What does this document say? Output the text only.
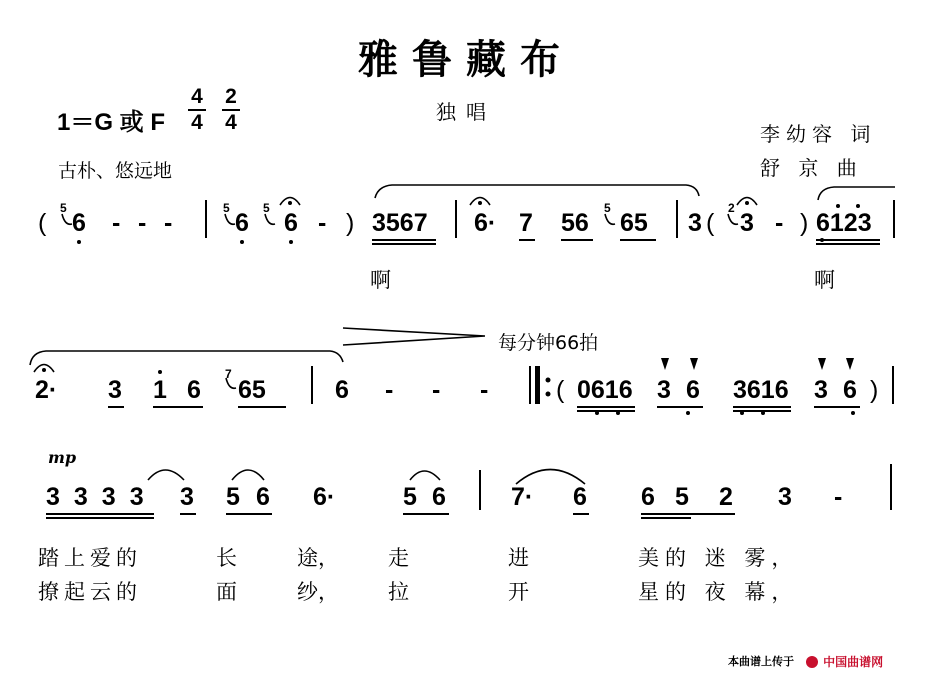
雅鲁藏布
1＝G 或 F
4
4
2
4	独唱
古朴、悠远地
李幼容 词
舒 京 曲
(
5
6 - - -
5
6
5
6 - ) 3567 6· 7 56
5
65 3 (
2
3 - ) 6123
啊	啊
每分钟66拍
2· 3 1 6
7
65	6 - - -	( 0616 3 6 3616 3 6 )
mp
3333 3 5 6 6·	5 6	7· 6 6 5 2 3 -
踏上爱的	长	途， 走	进	美的 迷 雾，
撩起云的	面	纱， 拉	开	星的 夜 幕，
本曲谱上传于	中国曲谱网
